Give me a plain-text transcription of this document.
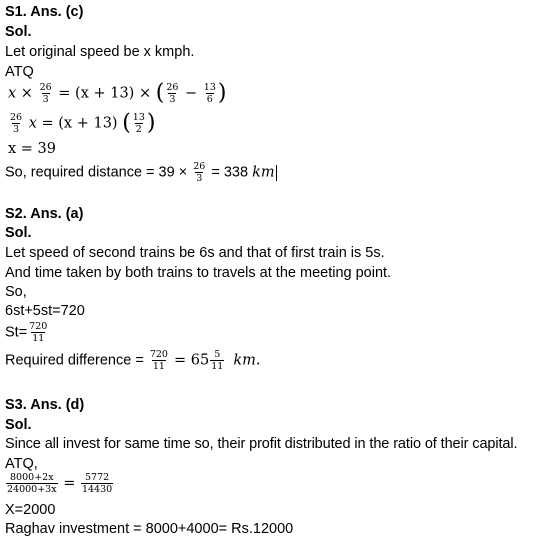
S1. Ans. (c)
Sol.
Let original speed be x kmph.
ATQ
$x \times \frac{26}{3} = (x + 13)$ × ( $\frac{26}{3} - \frac{13}{6}$ )
$\frac{26}{3}$ x = (x + 13) ( $\frac{13}{2}$ )
x = 39
So, required distance = $39 \times \frac{26}{3} = 338$ km
S2. Ans. (a)
Sol.
Let speed of second trains be 6s and that of first train is 5s.
And time taken by both trains to travels at the meeting point.
So,
6st+5st=720
$St= \frac{720}{11}$
Required difference = $\frac{720}{11} = 65 \frac{5}{11}$ km.
S3. Ans. (d)
Sol.
Since all invest for same time so, their profit distributed in the ratio of their capital.
ATQ,
$\frac{8000+2x}{24000+3x} = \frac{5772}{14430}$
X=2000
Raghav investment = 8000+4000= Rs.12000
